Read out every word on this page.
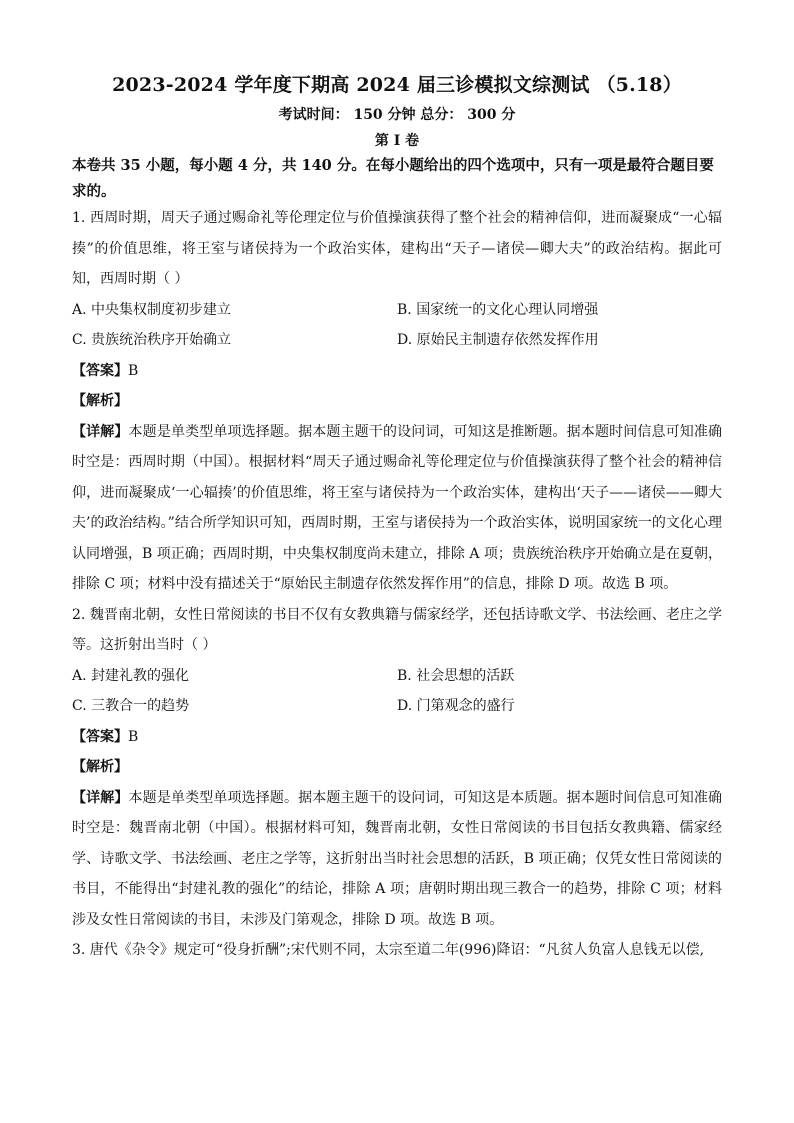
2023-2024 学年度下期高 2024 届三诊模拟文综测试 （5.18）
考试时间： 150 分钟 总分： 300 分
第 I 卷
本卷共 35 小题，每小题 4 分，共 140 分。在每小题给出的四个选项中，只有一项是最符合题目要求的。

1. 西周时期，周天子通过赐命礼等伦理定位与价值操演获得了整个社会的精神信仰，进而凝聚成“一心辐揍”的价值思维，将王室与诸侯持为一个政治实体，建构出“天子—诸侯—卿大夫”的政治结构。据此可知，西周时期（ ）

A. 中央集权制度初步建立	B. 国家统一的文化心理认同增强
C. 贵族统治秩序开始确立	D. 原始民主制遗存依然发挥作用

【答案】B

【解析】

【详解】本题是单类型单项选择题。据本题主题干的设问词，可知这是推断题。据本题时间信息可知准确时空是：西周时期（中国）。根据材料“周天子通过赐命礼等伦理定位与价值操演获得了整个社会的精神信仰，进而凝聚成‘一心辐揍’的价值思维，将王室与诸侯持为一个政治实体，建构出‘天子——诸侯——卿大夫’的政治结构。”结合所学知识可知，西周时期，王室与诸侯持为一个政治实体，说明国家统一的文化心理认同增强，B 项正确；西周时期，中央集权制度尚未建立，排除 A 项；贵族统治秩序开始确立是在夏朝，排除 C 项；材料中没有描述关于“原始民主制遗存依然发挥作用”的信息，排除 D 项。故选 B 项。

2. 魏晋南北朝，女性日常阅读的书目不仅有女教典籍与儒家经学，还包括诗歌文学、书法绘画、老庄之学等。这折射出当时（ ）

A. 封建礼教的强化	B. 社会思想的活跃
C. 三教合一的趋势	D. 门第观念的盛行

【答案】B

【解析】

【详解】本题是单类型单项选择题。据本题主题干的设问词，可知这是本质题。据本题时间信息可知准确时空是：魏晋南北朝（中国）。根据材料可知，魏晋南北朝，女性日常阅读的书目包括女教典籍、儒家经学、诗歌文学、书法绘画、老庄之学等，这折射出当时社会思想的活跃，B 项正确；仅凭女性日常阅读的书目，不能得出“封建礼教的强化”的结论，排除 A 项；唐朝时期出现三教合一的趋势，排除 C 项；材料涉及女性日常阅读的书目，未涉及门第观念，排除 D 项。故选 B 项。

3. 唐代《杂令》规定可“役身折酬”;宋代则不同，太宗至道二年(996)降诏：“凡贫人负富人息钱无以偿,
